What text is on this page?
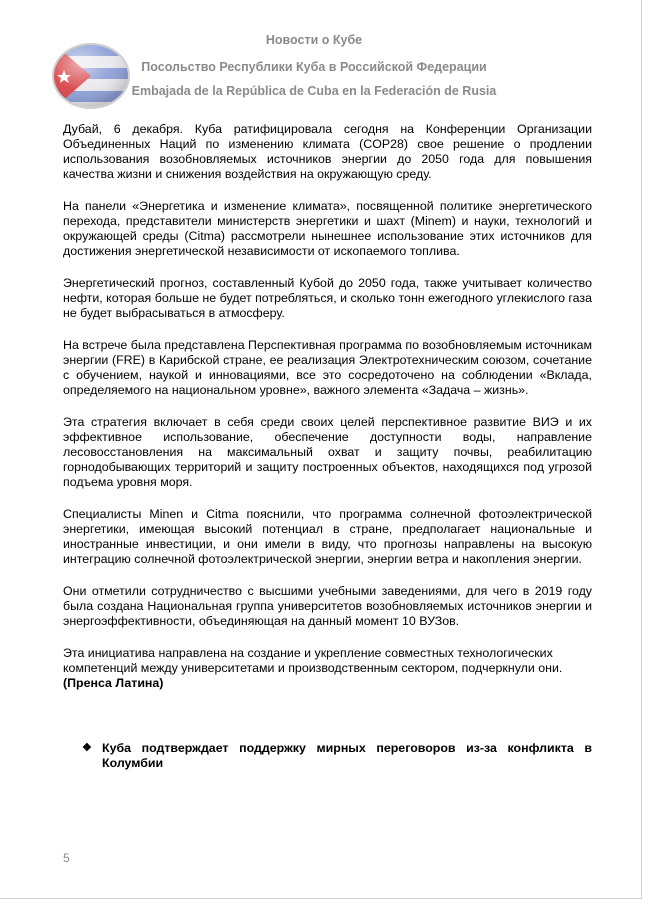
Новости о Кубе
Посольство Республики Куба в Российской Федерации
Embajada de la República de Cuba en la Federación de Rusia

Дубай, 6 декабря. Куба ратифицировала сегодня на Конференции Организации Объединенных Наций по изменению климата (COP28) свое решение о продлении использования возобновляемых источников энергии до 2050 года для повышения качества жизни и снижения воздействия на окружающую среду.

На панели «Энергетика и изменение климата», посвященной политике энергетического перехода, представители министерств энергетики и шахт (Minem) и науки, технологий и окружающей среды (Citma) рассмотрели нынешнее использование этих источников для достижения энергетической независимости от ископаемого топлива.

Энергетический прогноз, составленный Кубой до 2050 года, также учитывает количество нефти, которая больше не будет потребляться, и сколько тонн ежегодного углекислого газа не будет выбрасываться в атмосферу.

На встрече была представлена Перспективная программа по возобновляемым источникам энергии (FRE) в Карибской стране, ее реализация Электротехническим союзом, сочетание с обучением, наукой и инновациями, все это сосредоточено на соблюдении «Вклада, определяемого на национальном уровне», важного элемента «Задача – жизнь».

Эта стратегия включает в себя среди своих целей перспективное развитие ВИЭ и их эффективное использование, обеспечение доступности воды, направление лесовосстановления на максимальный охват и защиту почвы, реабилитацию горнодобывающих территорий и защиту построенных объектов, находящихся под угрозой подъема уровня моря.

Специалисты Minen и Citma пояснили, что программа солнечной фотоэлектрической энергетики, имеющая высокий потенциал в стране, предполагает национальные и иностранные инвестиции, и они имели в виду, что прогнозы направлены на высокую интеграцию солнечной фотоэлектрической энергии, энергии ветра и накопления энергии.

Они отметили сотрудничество с высшими учебными заведениями, для чего в 2019 году была создана Национальная группа университетов возобновляемых источников энергии и энергоэффективности, объединяющая на данный момент 10 ВУЗов.

Эта инициатива направлена на создание и укрепление совместных технологических компетенций между университетами и производственным сектором, подчеркнули они.
(Пренса Латина)

❖ Куба подтверждает поддержку мирных переговоров из-за конфликта в Колумбии
5
